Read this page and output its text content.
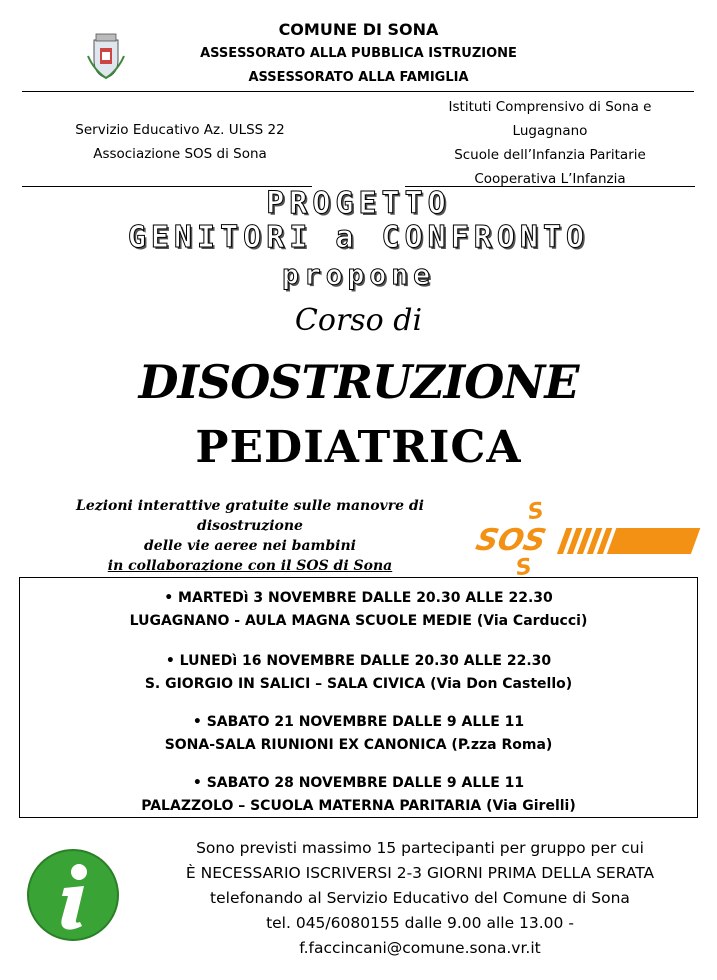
COMUNE DI SONA
ASSESSORATO ALLA PUBBLICA ISTRUZIONE
ASSESSORATO ALLA FAMIGLIA
Servizio Educativo Az. ULSS 22
Associazione SOS di Sona
Istituti Comprensivo di Sona e
Lugagnano
Scuole dell’Infanzia Paritarie
Cooperativa L’Infanzia
PROGETTO
GENITORI a CONFRONTO
propone
Corso di
DISOSTRUZIONE
PEDIATRICA
Lezioni interattive gratuite sulle manovre di disostruzione
delle vie aeree nei bambini
in collaborazione con il SOS di Sona
S
SOS
S
• MARTEDì 3 NOVEMBRE DALLE 20.30 ALLE 22.30
LUGAGNANO - AULA MAGNA SCUOLE MEDIE (Via Carducci)
• LUNEDì 16 NOVEMBRE DALLE 20.30 ALLE 22.30
S. GIORGIO IN SALICI – SALA CIVICA (Via Don Castello)
• SABATO 21 NOVEMBRE DALLE 9 ALLE 11
SONA-SALA RIUNIONI EX CANONICA (P.zza Roma)
• SABATO 28 NOVEMBRE DALLE 9 ALLE 11
PALAZZOLO – SCUOLA MATERNA PARITARIA (Via Girelli)
Sono previsti massimo 15 partecipanti per gruppo per cui
È NECESSARIO ISCRIVERSI 2-3 GIORNI PRIMA DELLA SERATA
telefonando al Servizio Educativo del Comune di Sona
tel. 045/6080155 dalle 9.00 alle 13.00 -
f.faccincani@comune.sona.vr.it
